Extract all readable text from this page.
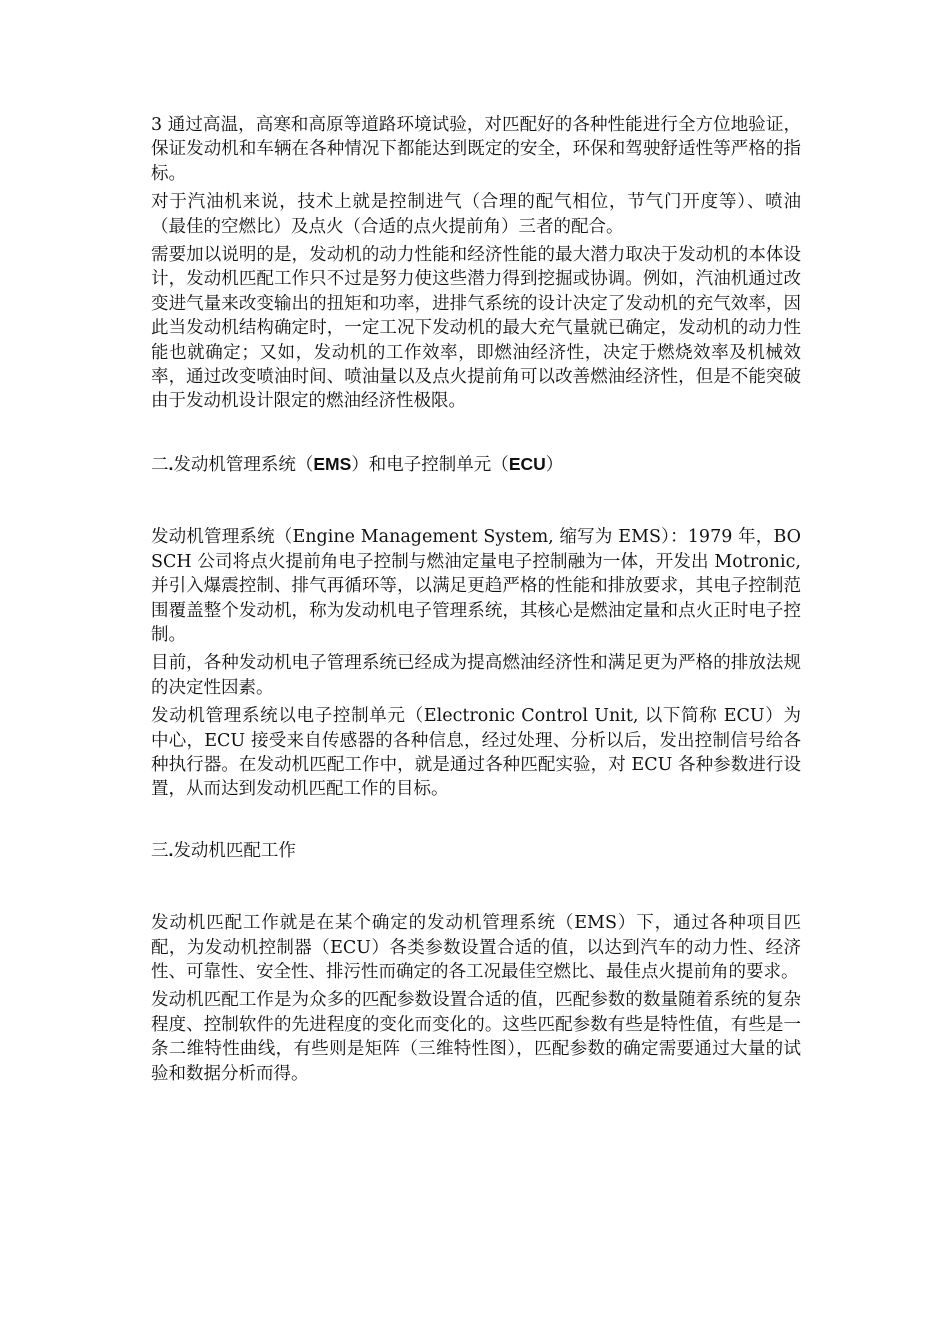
3 通过高温，高寒和高原等道路环境试验，对匹配好的各种性能进行全方位地验证，保证发动机和车辆在各种情况下都能达到既定的安全，环保和驾驶舒适性等严格的指标。

对于汽油机来说，技术上就是控制进气（合理的配气相位，节气门开度等）、喷油（最佳的空燃比）及点火（合适的点火提前角）三者的配合。

需要加以说明的是，发动机的动力性能和经济性能的最大潜力取决于发动机的本体设计，发动机匹配工作只不过是努力使这些潜力得到挖掘或协调。例如，汽油机通过改变进气量来改变输出的扭矩和功率，进排气系统的设计决定了发动机的充气效率，因此当发动机结构确定时，一定工况下发动机的最大充气量就已确定，发动机的动力性能也就确定；又如，发动机的工作效率，即燃油经济性，决定于燃烧效率及机械效率，通过改变喷油时间、喷油量以及点火提前角可以改善燃油经济性，但是不能突破由于发动机设计限定的燃油经济性极限。

二.发动机管理系统（EMS）和电子控制单元（ECU）

发动机管理系统（Engine Management System, 缩写为 EMS）：1979 年，BOSCH 公司将点火提前角电子控制与燃油定量电子控制融为一体，开发出 Motronic,并引入爆震控制、排气再循环等，以满足更趋严格的性能和排放要求，其电子控制范围覆盖整个发动机，称为发动机电子管理系统，其核心是燃油定量和点火正时电子控制。

目前，各种发动机电子管理系统已经成为提高燃油经济性和满足更为严格的排放法规的决定性因素。

发动机管理系统以电子控制单元（Electronic Control Unit, 以下简称 ECU）为中心，ECU 接受来自传感器的各种信息，经过处理、分析以后，发出控制信号给各种执行器。在发动机匹配工作中，就是通过各种匹配实验，对 ECU 各种参数进行设置，从而达到发动机匹配工作的目标。

三.发动机匹配工作

发动机匹配工作就是在某个确定的发动机管理系统（EMS）下，通过各种项目匹配，为发动机控制器（ECU）各类参数设置合适的值，以达到汽车的动力性、经济性、可靠性、安全性、排污性而确定的各工况最佳空燃比、最佳点火提前角的要求。

发动机匹配工作是为众多的匹配参数设置合适的值，匹配参数的数量随着系统的复杂程度、控制软件的先进程度的变化而变化的。这些匹配参数有些是特性值，有些是一条二维特性曲线，有些则是矩阵（三维特性图），匹配参数的确定需要通过大量的试验和数据分析而得。
